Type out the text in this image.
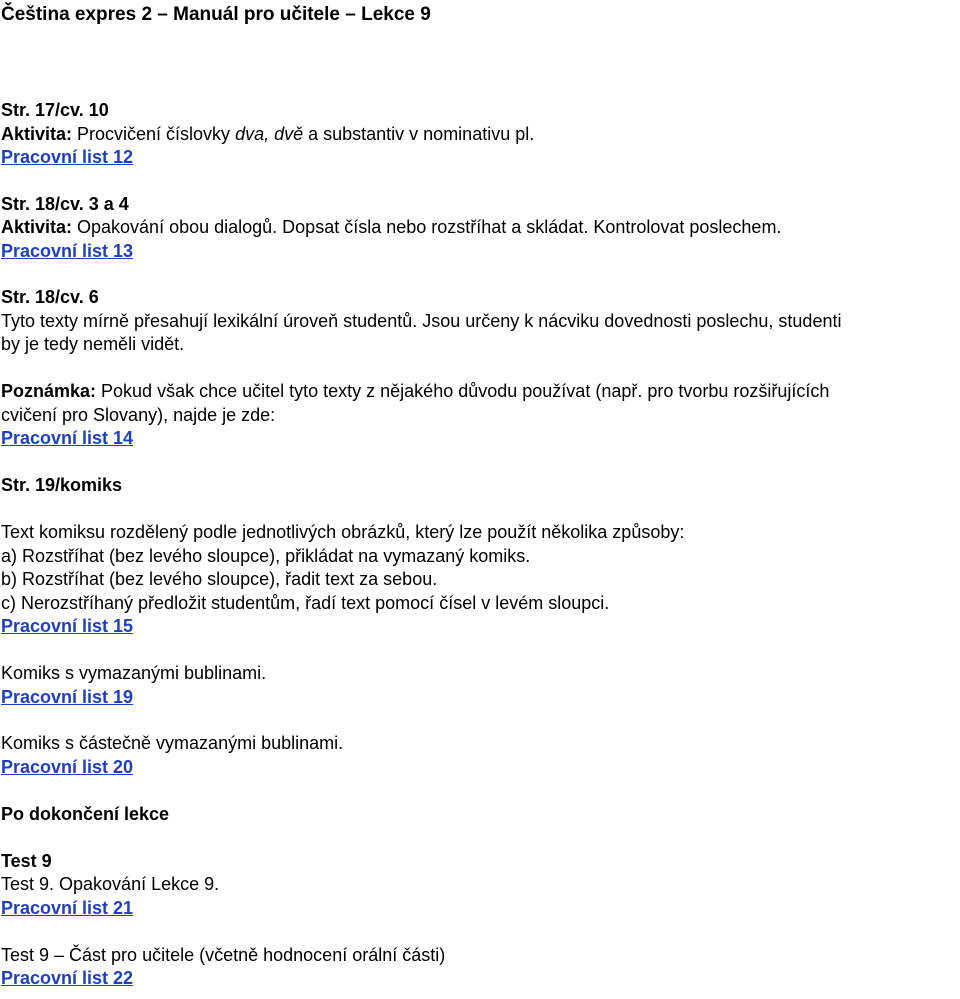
Čeština expres 2 – Manuál pro učitele – Lekce 9
Str. 17/cv. 10
Aktivita: Procvičení číslovky dva, dvě a substantiv v nominativu pl.
Pracovní list 12
Str. 18/cv. 3 a 4
Aktivita: Opakování obou dialogů. Dopsat čísla nebo rozstříhat a skládat. Kontrolovat poslechem.
Pracovní list 13
Str. 18/cv. 6
Tyto texty mírně přesahují lexikální úroveň studentů. Jsou určeny k nácviku dovednosti poslechu, studenti
by je tedy neměli vidět.
Poznámka: Pokud však chce učitel tyto texty z nějakého důvodu používat (např. pro tvorbu rozšiřujících
cvičení pro Slovany), najde je zde:
Pracovní list 14
Str. 19/komiks
Text komiksu rozdělený podle jednotlivých obrázků, který lze použít několika způsoby:
a) Rozstříhat (bez levého sloupce), přikládat na vymazaný komiks.
b) Rozstříhat (bez levého sloupce), řadit text za sebou.
c) Nerozstříhaný předložit studentům, řadí text pomocí čísel v levém sloupci.
Pracovní list 15
Komiks s vymazanými bublinami.
Pracovní list 19
Komiks s částečně vymazanými bublinami.
Pracovní list 20
Po dokončení lekce
Test 9
Test 9. Opakování Lekce 9.
Pracovní list 21
Test 9 – Část pro učitele (včetně hodnocení orální části)
Pracovní list 22
